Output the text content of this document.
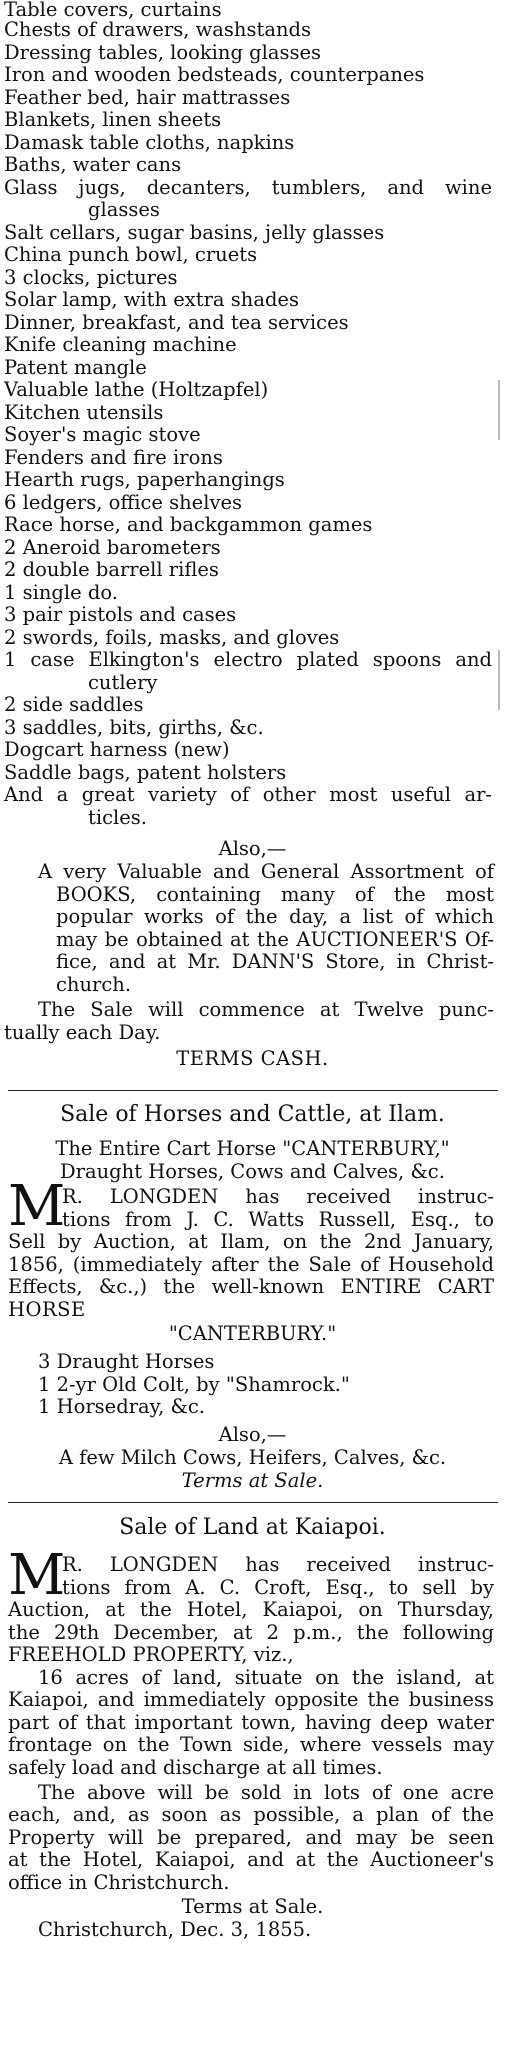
Table covers, curtains
Chests of drawers, washstands
Dressing tables, looking glasses
Iron and wooden bedsteads, counterpanes
Feather bed, hair mattrasses
Blankets, linen sheets
Damask table cloths, napkins
Baths, water cans
Glass jugs, decanters, tumblers, and wine
glasses
Salt cellars, sugar basins, jelly glasses
China punch bowl, cruets
3 clocks, pictures
Solar lamp, with extra shades
Dinner, breakfast, and tea services
Knife cleaning machine
Patent mangle
Valuable lathe (Holtzapfel)
Kitchen utensils
Soyer's magic stove
Fenders and fire irons
Hearth rugs, paperhangings
6 ledgers, office shelves
Race horse, and backgammon games
2 Aneroid barometers
2 double barrell rifles
1 single do.
3 pair pistols and cases
2 swords, foils, masks, and gloves
1 case Elkington's electro plated spoons and
cutlery
2 side saddles
3 saddles, bits, girths, &c.
Dogcart harness (new)
Saddle bags, patent holsters
And a great variety of other most useful ar-
ticles.
Also,—
A very Valuable and General Assortment of
BOOKS, containing many of the most
popular works of the day, a list of which
may be obtained at the AUCTIONEER'S Of-
fice, and at Mr. DANN'S Store, in Christ-
church.
The Sale will commence at Twelve punc-
tually each Day.
TERMS CASH.
Sale of Horses and Cattle, at Ilam.
The Entire Cart Horse "CANTERBURY,"
Draught Horses, Cows and Calves, &c.
M
R. LONGDEN has received instruc-
tions from J. C. Watts Russell, Esq., to
Sell by Auction, at Ilam, on the 2nd January,
1856, (immediately after the Sale of Household
Effects, &c.,) the well-known ENTIRE CART
HORSE
"CANTERBURY."
3 Draught Horses
1 2-yr Old Colt, by "Shamrock."
1 Horsedray, &c.
Also,—
A few Milch Cows, Heifers, Calves, &c.
Terms at Sale.
Sale of Land at Kaiapoi.
M
R. LONGDEN has received instruc-
tions from A. C. Croft, Esq., to sell by
Auction, at the Hotel, Kaiapoi, on Thursday,
the 29th December, at 2 p.m., the following
FREEHOLD PROPERTY, viz.,
16 acres of land, situate on the island, at
Kaiapoi, and immediately opposite the business
part of that important town, having deep water
frontage on the Town side, where vessels may
safely load and discharge at all times.
The above will be sold in lots of one acre
each, and, as soon as possible, a plan of the
Property will be prepared, and may be seen
at the Hotel, Kaiapoi, and at the Auctioneer's
office in Christchurch.
Terms at Sale.
Christchurch, Dec. 3, 1855.
